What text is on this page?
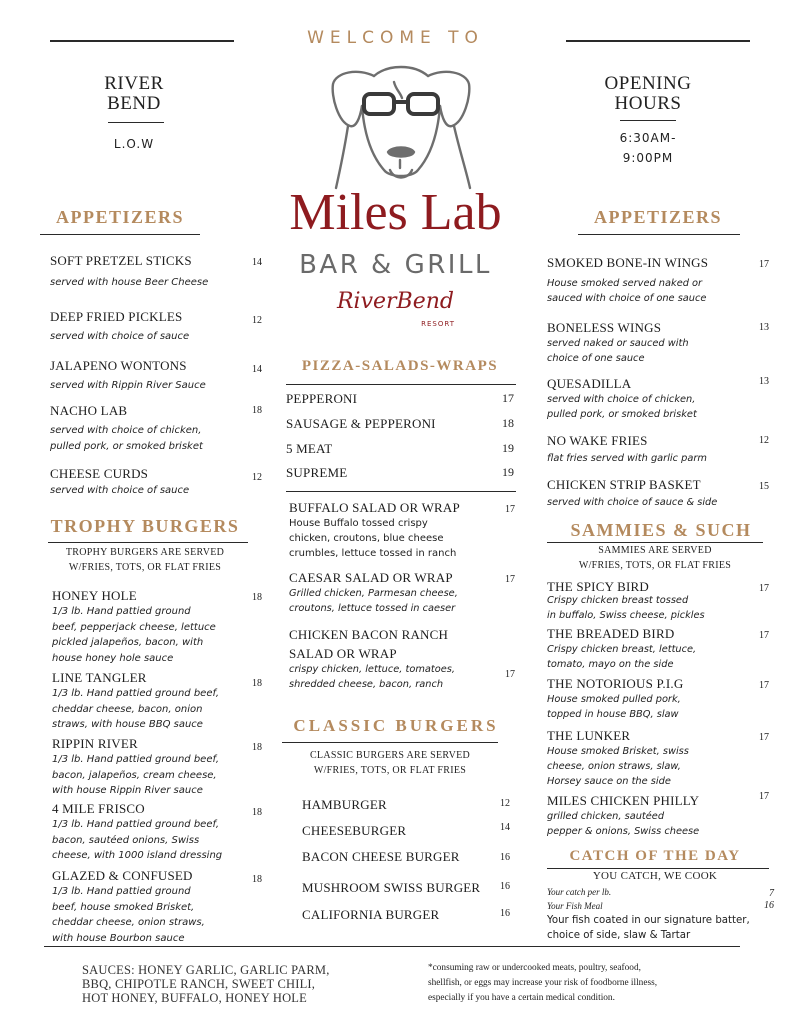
WELCOME TO
RIVER
BEND
L.O.W
OPENING
HOURS
6:30AM-
9:00PM
Miles Lab
BAR & GRILL
RiverBend
RESORT
APPETIZERS
SOFT PRETZEL STICKS	14
served with house Beer Cheese
DEEP FRIED PICKLES	12
served with choice of sauce
JALAPENO WONTONS	14
served with Rippin River Sauce
NACHO LAB	18
served with choice of chicken,
pulled pork, or smoked brisket
CHEESE CURDS	12
served with choice of sauce
TROPHY BURGERS
TROPHY BURGERS ARE SERVED
W/FRIES, TOTS, OR FLAT FRIES
HONEY HOLE	18
1/3 lb. Hand pattied ground
beef, pepperjack cheese, lettuce
pickled jalapeños, bacon, with
house honey hole sauce
LINE TANGLER	18
1/3 lb. Hand pattied ground beef,
cheddar cheese, bacon, onion
straws, with house BBQ sauce
RIPPIN RIVER	18
1/3 lb. Hand pattied ground beef,
bacon, jalapeños, cream cheese,
with house Rippin River sauce
4 MILE FRISCO	18
1/3 lb. Hand pattied ground beef,
bacon, sautéed onions, Swiss
cheese, with 1000 island dressing
GLAZED & CONFUSED	18
1/3 lb. Hand pattied ground
beef, house smoked Brisket,
cheddar cheese, onion straws,
with house Bourbon sauce
PIZZA-SALADS-WRAPS
PEPPERONI	17
SAUSAGE & PEPPERONI	18
5 MEAT	19
SUPREME	19
BUFFALO SALAD OR WRAP	17
House Buffalo tossed crispy
chicken, croutons, blue cheese
crumbles, lettuce tossed in ranch
CAESAR SALAD OR WRAP	17
Grilled chicken, Parmesan cheese,
croutons, lettuce tossed in caeser
CHICKEN BACON RANCH
SALAD OR WRAP
17
crispy chicken, lettuce, tomatoes,
shredded cheese, bacon, ranch
CLASSIC BURGERS
CLASSIC BURGERS ARE SERVED
W/FRIES, TOTS, OR FLAT FRIES
HAMBURGER	12
CHEESEBURGER	14
BACON CHEESE BURGER	16
MUSHROOM SWISS BURGER 16
CALIFORNIA BURGER	16
APPETIZERS
SMOKED BONE-IN WINGS	17
House smoked served naked or
sauced with choice of one sauce
BONELESS WINGS	13
served naked or sauced with
choice of one sauce
QUESADILLA	13
served with choice of chicken,
pulled pork, or smoked brisket
NO WAKE FRIES	12
flat fries served with garlic parm
CHICKEN STRIP BASKET	15
served with choice of sauce & side
SAMMIES & SUCH
SAMMIES ARE SERVED
W/FRIES, TOTS, OR FLAT FRIES
THE SPICY BIRD	17
Crispy chicken breast tossed
in buffalo, Swiss cheese, pickles
THE BREADED BIRD	17
Crispy chicken breast, lettuce,
tomato, mayo on the side
THE NOTORIOUS P.I.G	17
House smoked pulled pork,
topped in house BBQ, slaw
THE LUNKER	17
House smoked Brisket, swiss
cheese, onion straws, slaw,
Horsey sauce on the side
MILES CHICKEN PHILLY	17
grilled chicken, sautéed
pepper & onions, Swiss cheese
CATCH OF THE DAY
YOU CATCH, WE COOK
Your catch per lb.	7
Your Fish Meal	16
Your fish coated in our signature batter,
choice of side, slaw & Tartar
SAUCES: HONEY GARLIC, GARLIC PARM,
BBQ, CHIPOTLE RANCH, SWEET CHILI,
HOT HONEY, BUFFALO, HONEY HOLE
*consuming raw or undercooked meats, poultry, seafood,
shellfish, or eggs may increase your risk of foodborne illness,
especially if you have a certain medical condition.
